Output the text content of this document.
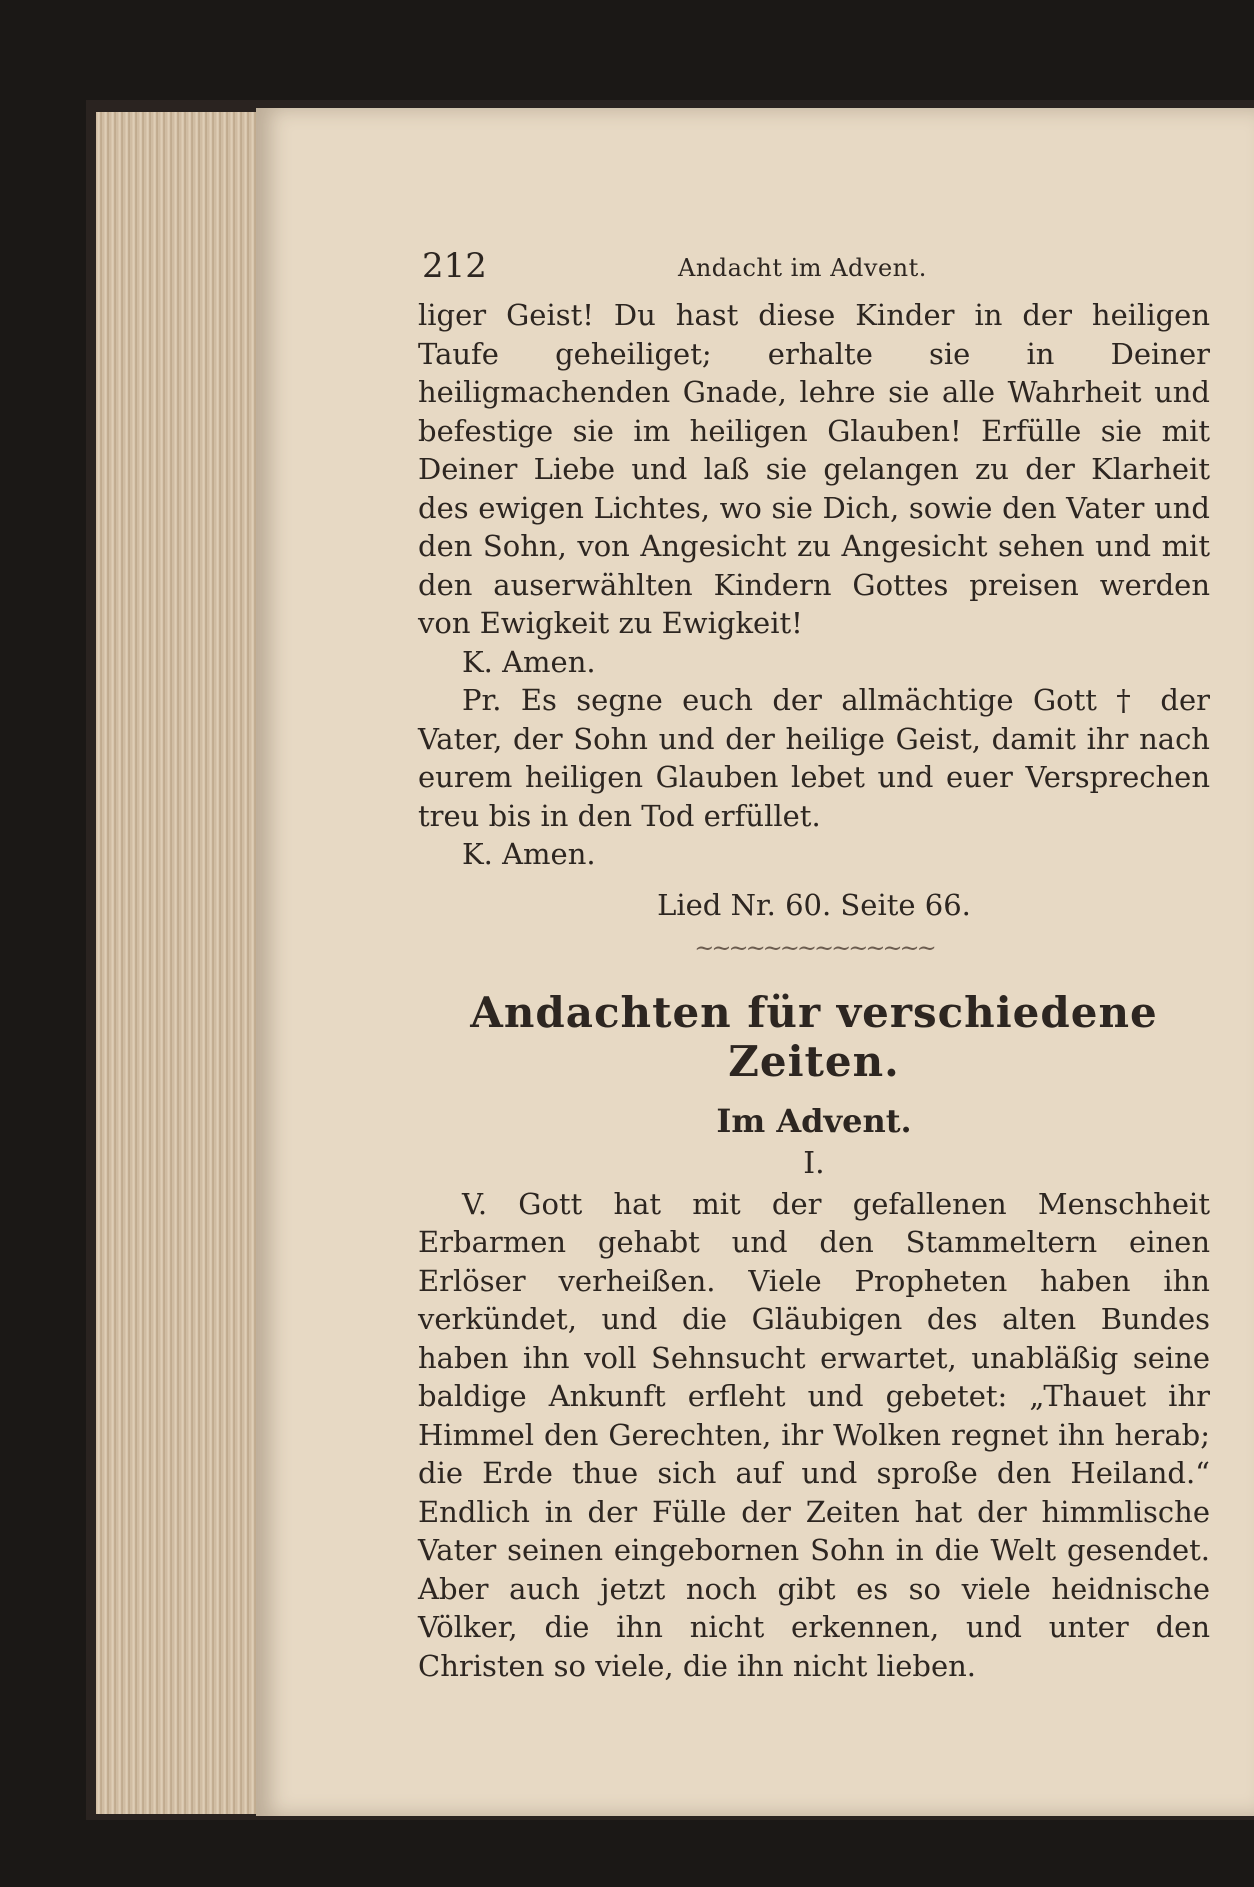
212	Andacht im Advent.

liger Geist! Du hast diese Kinder in der heiligen Taufe geheiliget; erhalte sie in Deiner heiligmachenden Gnade, lehre sie alle Wahrheit und befestige sie im heiligen Glauben! Erfülle sie mit Deiner Liebe und laß sie gelangen zu der Klarheit des ewigen Lichtes, wo sie Dich, sowie den Vater und den Sohn, von Angesicht zu Angesicht sehen und mit den auserwählten Kindern Gottes preisen werden von Ewigkeit zu Ewigkeit!

K. Amen.

Pr. Es segne euch der allmächtige Gott † der Vater, der Sohn und der heilige Geist, damit ihr nach eurem heiligen Glauben lebet und euer Versprechen treu bis in den Tod erfüllet.

K. Amen.

Lied Nr. 60. Seite 66.
~~~~~~~~~~~~~~
Andachten für verschiedene Zeiten.
Im Advent.
I.

V. Gott hat mit der gefallenen Menschheit Erbarmen gehabt und den Stammeltern einen Erlöser verheißen. Viele Propheten haben ihn verkündet, und die Gläubigen des alten Bundes haben ihn voll Sehnsucht erwartet, unabläßig seine baldige Ankunft erfleht und gebetet: „Thauet ihr Himmel den Gerechten, ihr Wolken regnet ihn herab; die Erde thue sich auf und sproße den Heiland.“ Endlich in der Fülle der Zeiten hat der himmlische Vater seinen eingebornen Sohn in die Welt gesendet. Aber auch jetzt noch gibt es so viele heidnische Völker, die ihn nicht erkennen, und unter den Christen so viele, die ihn nicht lieben.
